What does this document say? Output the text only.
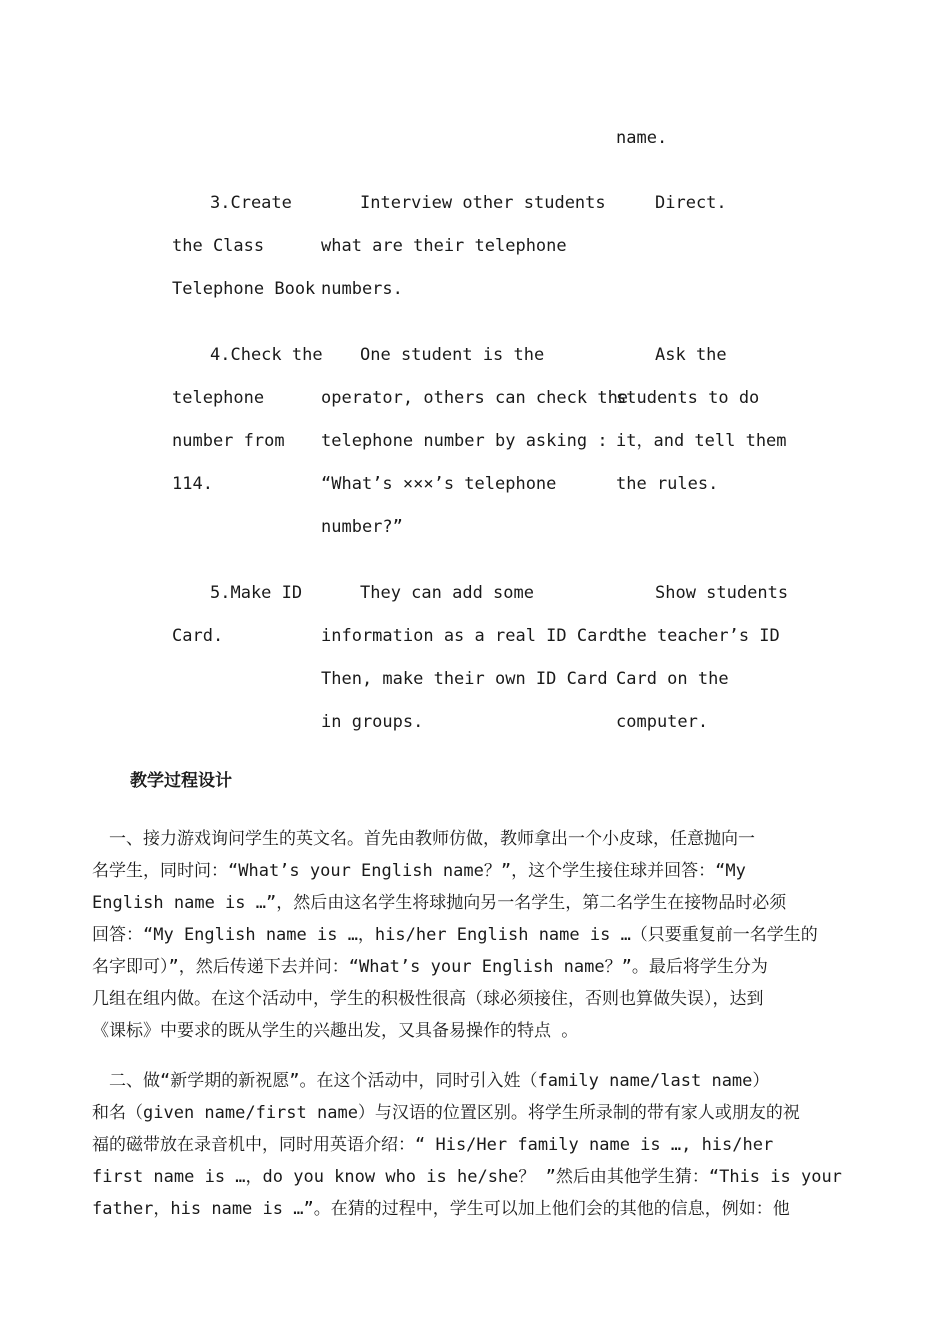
name.
3.Create
the Class
Telephone Book
Interview other students
what are their telephone
numbers.
Direct.
4.Check the
telephone
number from
114.
One student is the
operator, others can check the
telephone number by asking :
“What’s ×××’s telephone
number?”
Ask the
students to do
it，and tell them
the rules.
5.Make ID
Card.
They can add some
information as a real ID Card.
Then, make their own ID Card
in groups.
Show students
the teacher’s ID
Card on the
computer.
教学过程设计
　一、接力游戏询问学生的英文名。首先由教师仿做，教师拿出一个小皮球，任意抛向一
名学生，同时问：“What’s your English name？”，这个学生接住球并回答：“My
English name is …”，然后由这名学生将球抛向另一名学生，第二名学生在接物品时必须
回答：“My English name is …，his/her English name is …（只要重复前一名学生的
名字即可）”，然后传递下去并问：“What’s your English name？”。最后将学生分为
几组在组内做。在这个活动中，学生的积极性很高（球必须接住，否则也算做失误），达到
《课标》中要求的既从学生的兴趣出发，又具备易操作的特点 。
　二、做“新学期的新祝愿”。在这个活动中，同时引入姓（family name/last name）
和名（given name/first name）与汉语的位置区别。将学生所录制的带有家人或朋友的祝
福的磁带放在录音机中，同时用英语介绍：“ His/Her family name is …, his/her
first name is …，do you know who is he/she？ ”然后由其他学生猜：“This is your
father，his name is …”。在猜的过程中，学生可以加上他们会的其他的信息，例如：他
